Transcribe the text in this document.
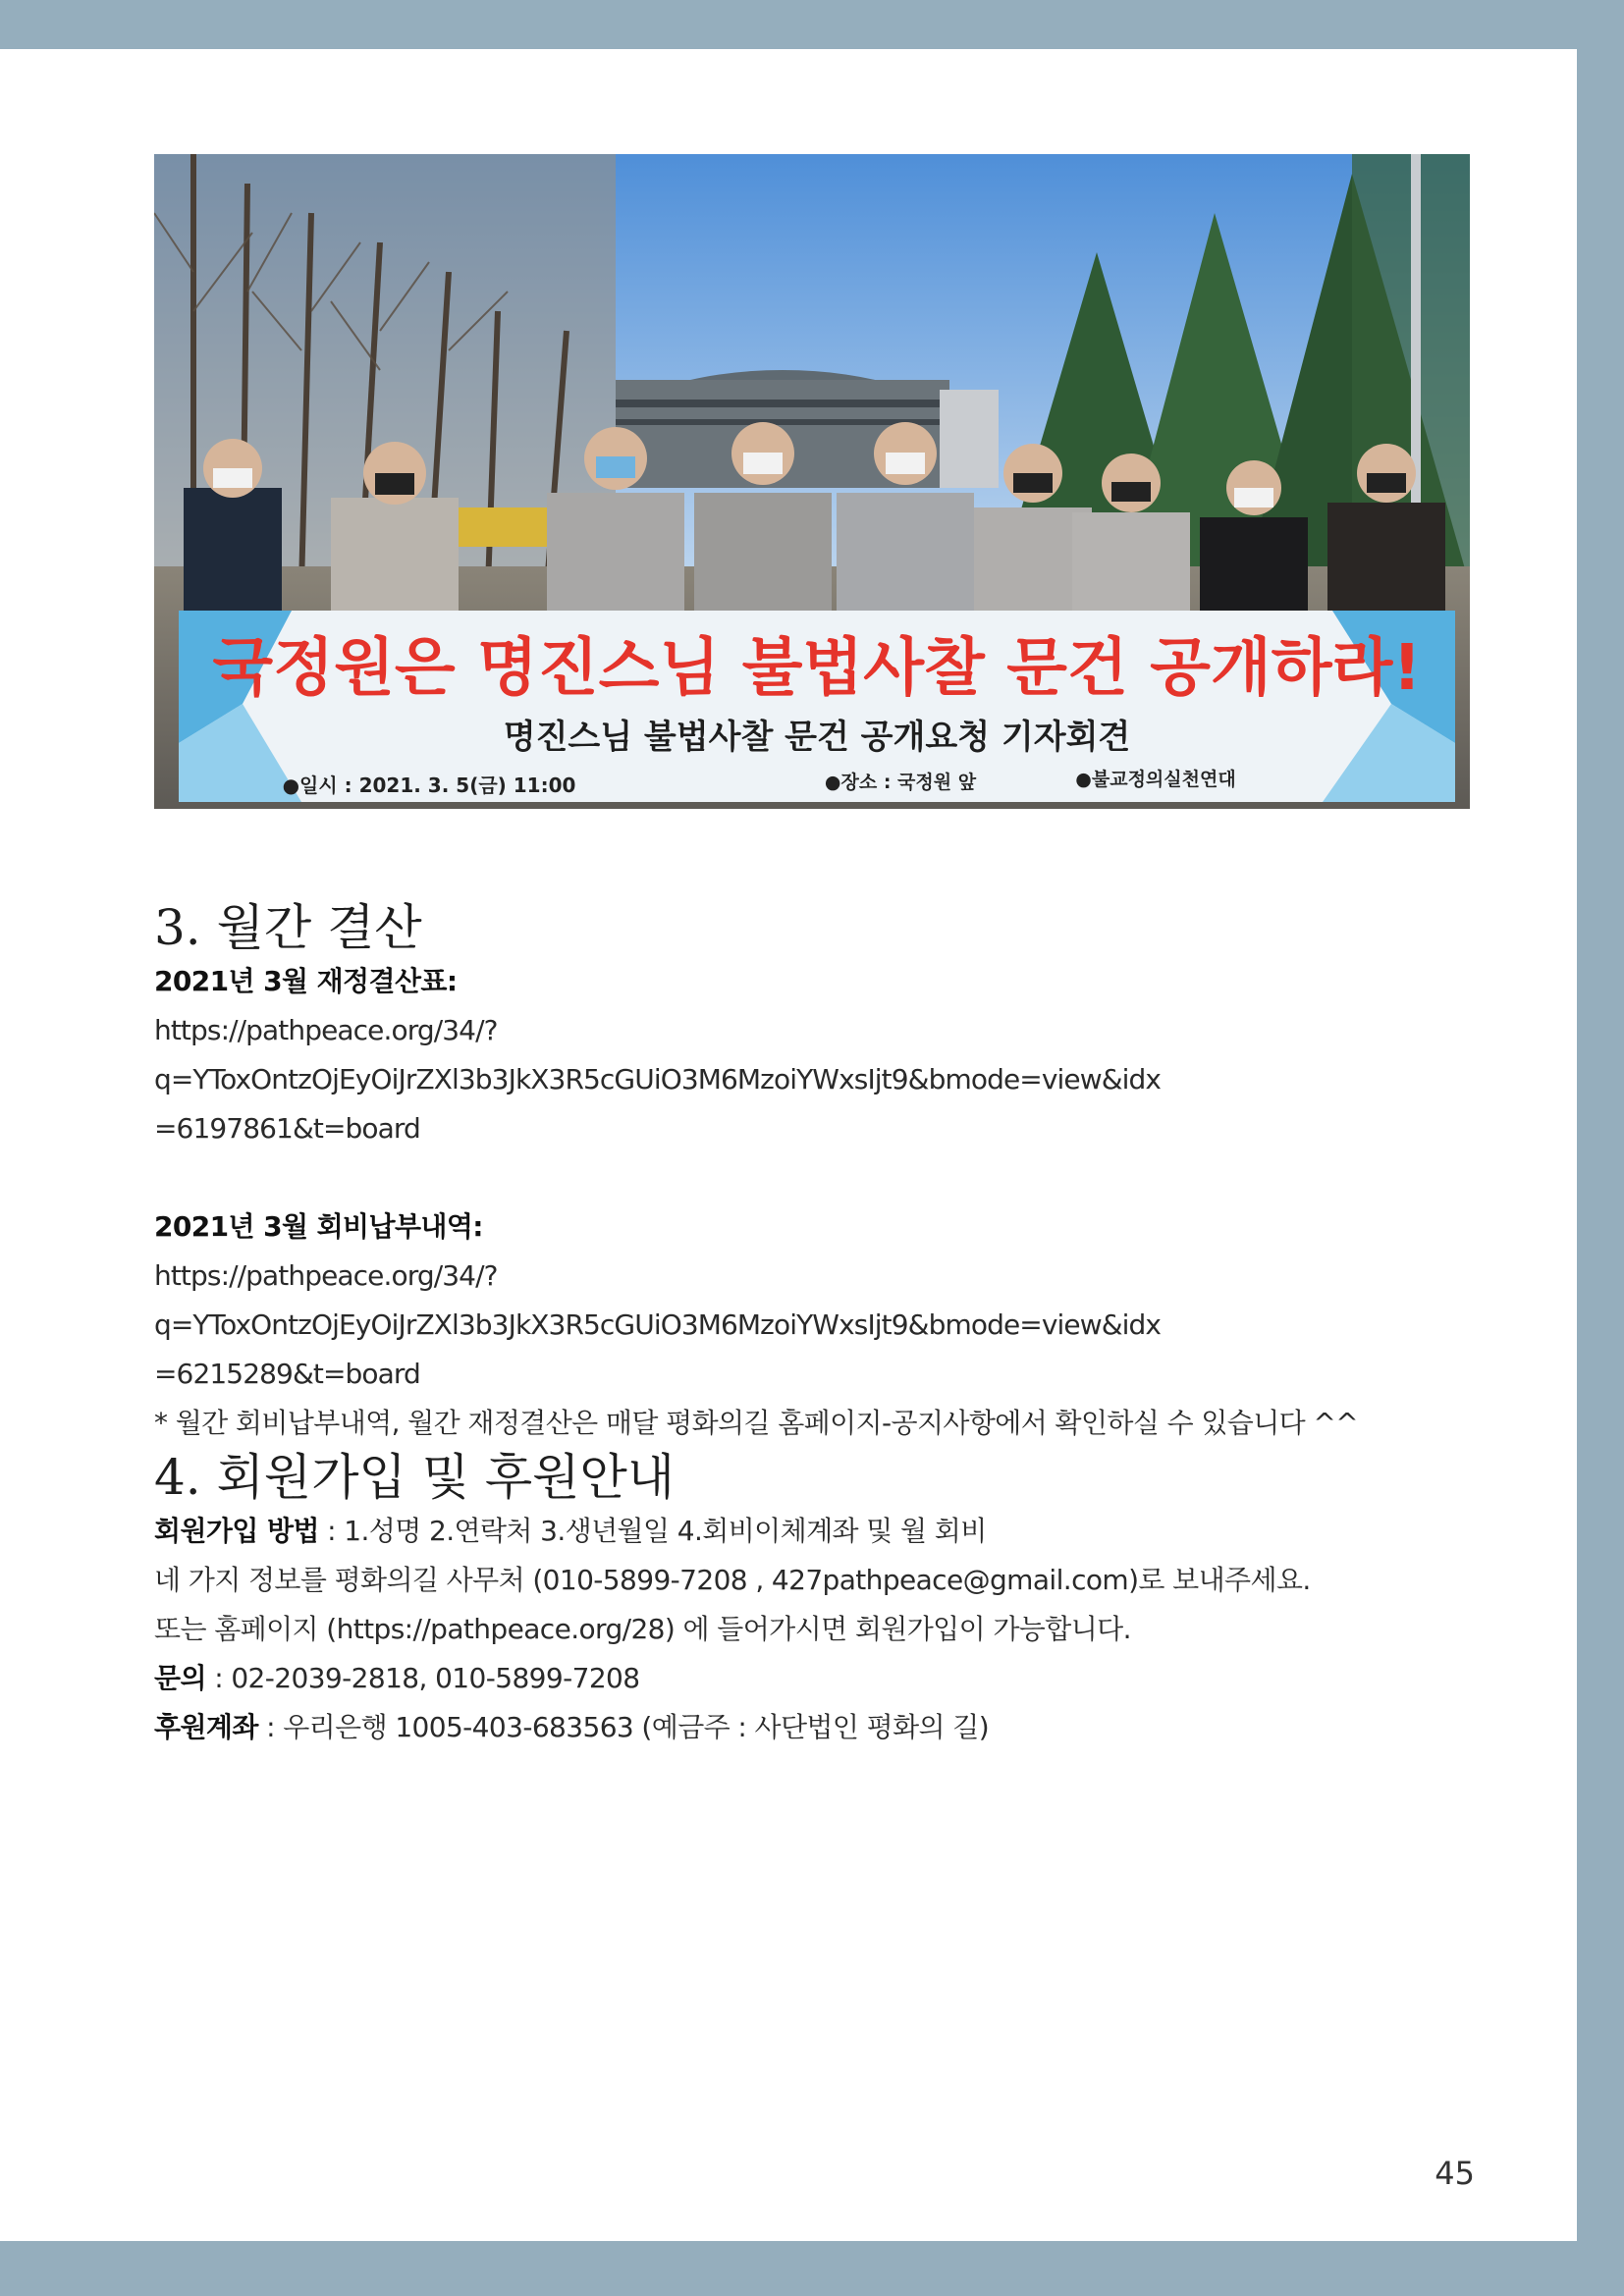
국정원은 명진스님 불법사찰 문건 공개하라!
명진스님 불법사찰 문건 공개요청 기자회견
●일시 : 2021. 3. 5(금) 11:00	●장소 : 국정원 앞	●불교정의실천연대
3. 월간 결산
2021년 3월 재정결산표:
https://pathpeace.org/34/?q=YToxOntzOjEyOiJrZXl3b3JkX3R5cGUiO3M6MzoiYWxsIjt9&bmode=view&idx
=6197861&t=board
2021년 3월 회비납부내역:
https://pathpeace.org/34/?q=YToxOntzOjEyOiJrZXl3b3JkX3R5cGUiO3M6MzoiYWxsIjt9&bmode=view&idx
=6215289&t=board
* 월간 회비납부내역, 월간 재정결산은 매달 평화의길 홈페이지-공지사항에서 확인하실 수 있습니다 ^^
4. 회원가입 및 후원안내
회원가입 방법 : 1.성명 2.연락처 3.생년월일 4.회비이체계좌 및 월 회비
네 가지 정보를 평화의길 사무처 (010-5899-7208 , 427pathpeace@gmail.com)로 보내주세요.
또는 홈페이지 (https://pathpeace.org/28) 에 들어가시면 회원가입이 가능합니다.
문의 : 02-2039-2818, 010-5899-7208
후원계좌 : 우리은행 1005-403-683563 (예금주 : 사단법인 평화의 길)
45
